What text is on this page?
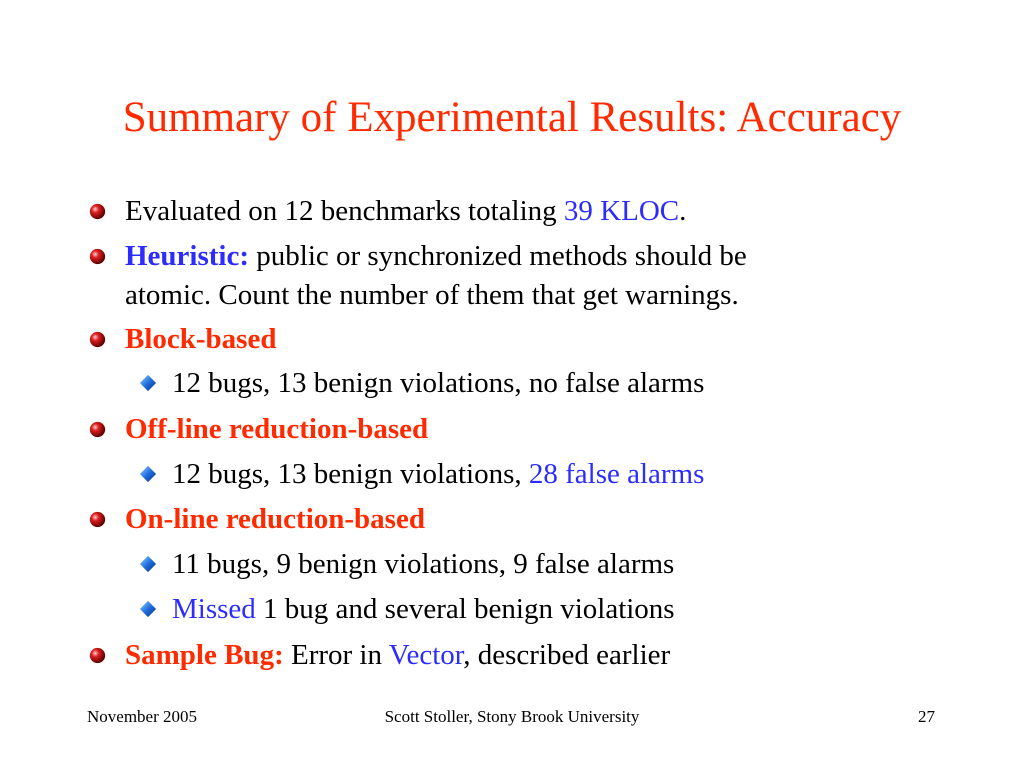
Summary of Experimental Results: Accuracy
Evaluated on 12 benchmarks totaling 39 KLOC.
Heuristic: public or synchronized methods should be
atomic. Count the number of them that get warnings.
Block-based
12 bugs, 13 benign violations, no false alarms
Off-line reduction-based
12 bugs, 13 benign violations, 28 false alarms
On-line reduction-based
11 bugs, 9 benign violations, 9 false alarms
Missed 1 bug and several benign violations
Sample Bug: Error in Vector, described earlier
November 2005	Scott Stoller, Stony Brook University	27
